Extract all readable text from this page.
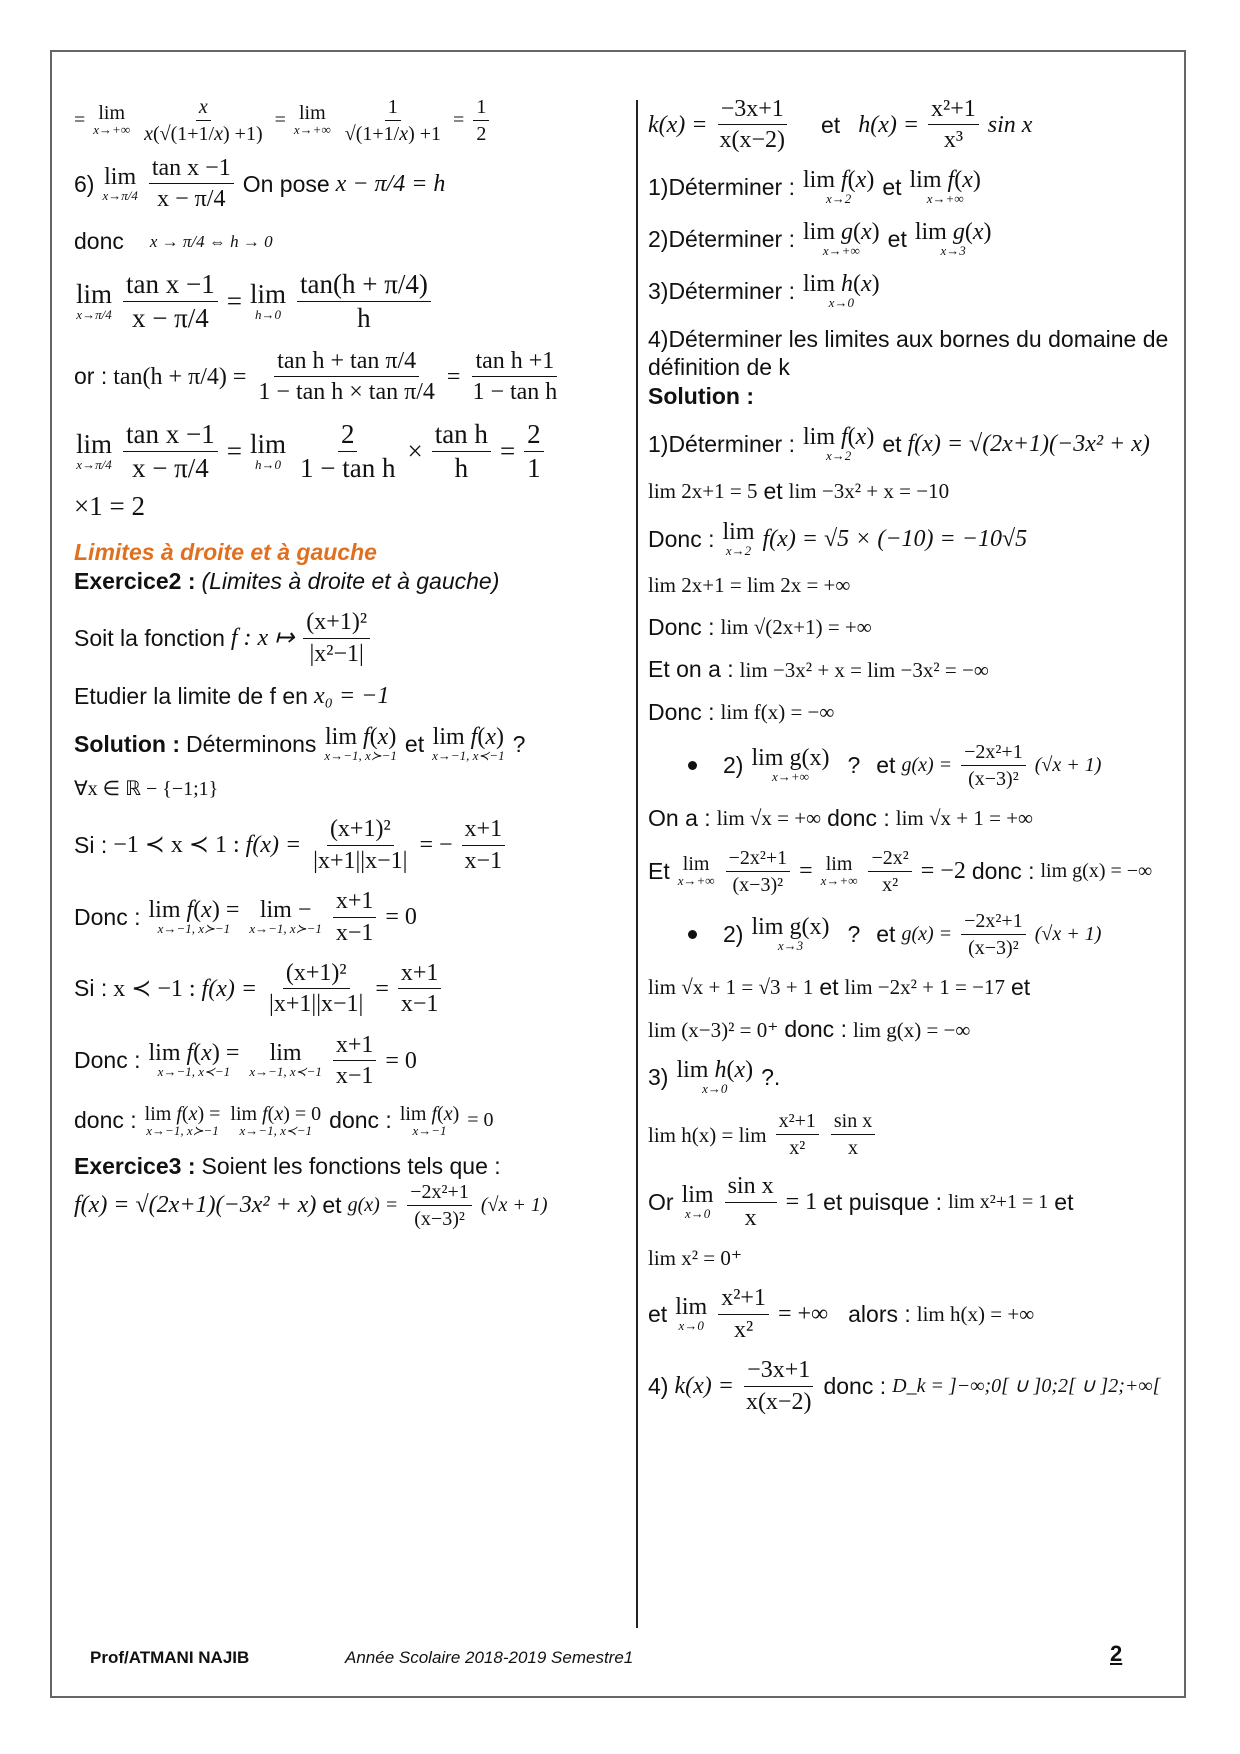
= lim
$x\to+\infty \frac{x}{x(√(1+1/x) +1)} = \lim$
$x\to+\infty \frac{1}{√(1+1/x) +1} = \frac{1}{2}$
6) lim
x→π/4
tan x −1
x − π/4
On pose x − π/4 = h
donc x → π/4 ⇔ h → 0
lim
$x\to\pi/4 \frac{\text{tan x −1}}{x - \pi/4} = \lim$
h→0
tan(h + π/4)
h
or : $\tan(h + \pi/4) = \frac{\text{tan h + tan π/4}}{\text{1 − tan h × tan π/4}} = \frac{\text{tan h +1}}{\text{1 − tan h}}$
lim
$x\to\pi/4 \frac{\text{tan x −1}}{x - \pi/4} = \lim$
$h\to 0 \frac{2}{\text{1 − tan h}} \times \frac{\text{tan h}}{h} = \frac{2}{1}$
×1 = 2
Limites à droite et à gauche
Exercice2 : (Limites à droite et à gauche)
Soit la fonction f : x ↦
(x+1)²
|x²−1|
Etudier la limite de f en x₀ = −1
Solution : Déterminons lim f(x)
x→−1, x≻−1 et lim f(x)
x→−1, x≺−1 ?
∀x ∈ ℝ − {−1;1}
Si : −1 ≺ x ≺ 1 : $f(x) = \frac{\text{(x+1)²}}{|x+1||x-1|}$ = − $\frac{x+1}{x-1}$
Donc : lim f(x) =
x→−1, x≻−1
lim −
x→−1, x≻−1 $\frac{x+1}{x-1} = 0$
Si : x ≺ −1 : $f(x) = \frac{\text{(x+1)²}}{|x+1||x-1|} = \frac{x+1}{x-1}$
Donc : lim f(x) =
x→−1, x≺−1
lim
x→−1, x≺−1 $\frac{x+1}{x-1} = 0$
donc : lim f(x) =
x→−1, x≻−1
lim f(x) = 0
x→−1, x≺−1 donc : lim f(x)
x→−1 = 0
Exercice3 : Soient les fonctions tels que :
f(x) = √(2x+1)(−3x² + x) et $g(x) = \frac{\text{−2x²+1}}{\text{(x−3)²}} (√x + 1)$
$k(x) = \frac{-3x+1}{x(x-2)}$ et $h(x) = \frac{\text{x²+1}}{\text{x³}}$ sin x
1)Déterminer : lim f(x)
x→2 et lim f(x)
x→+∞
2)Déterminer : lim g(x)
x→+∞ et lim g(x)
x→3
3)Déterminer : lim h(x)
x→0
4)Déterminer les limites aux bornes du domaine de définition de k
Solution :
1)Déterminer : lim f(x)
x→2 et f(x) = √(2x+1)(−3x² + x)
lim 2x+1 = 5 et lim −3x² + x = −10
Donc : lim
x→2 f(x) = √5 × (−10) = −10√5
lim 2x+1 = lim 2x = +∞
Donc : lim √(2x+1) = +∞
Et on a : lim −3x² + x = lim −3x² = −∞
Donc : lim f(x) = −∞
2) lim g(x)
x→+∞ ? et $g(x) = \frac{\text{−2x²+1}}{\text{(x−3)²}} (√x + 1)$
On a : lim √x = +∞ donc : lim √x + 1 = +∞
Et lim
$x\to+\infty \frac{\text{−2x²+1}}{\text{(x−3)²}} = \lim$
$x\to+\infty \frac{\text{−2x²}}{\text{x²}} = -2$ donc : lim g(x) = −∞
2) lim g(x)
x→3 ? et $g(x) = \frac{\text{−2x²+1}}{\text{(x−3)²}} (√x + 1)$
lim √x + 1 = √3 + 1 et lim −2x² + 1 = −17 et
lim (x−3)² = 0⁺ donc : lim g(x) = −∞
3) lim h(x)
x→0 ?.
lim h(x) = lim
x²+1
x²
sin x
x
Or lim
$x\to 0 \frac{\text{sin x}}{x} = 1$ et puisque : lim x²+1 = 1 et
lim x² = 0⁺
et lim
$x\to 0 \frac{\text{x²+1}}{\text{x²}}$ = +∞ alors : lim h(x) = +∞
4) $k(x) = \frac{-3x+1}{x(x-2)}$ donc : D_k = ]−∞;0[ ∪ ]0;2[ ∪ ]2;+∞[
Prof/ATMANI NAJIB	Année Scolaire 2018-2019 Semestre1	2
